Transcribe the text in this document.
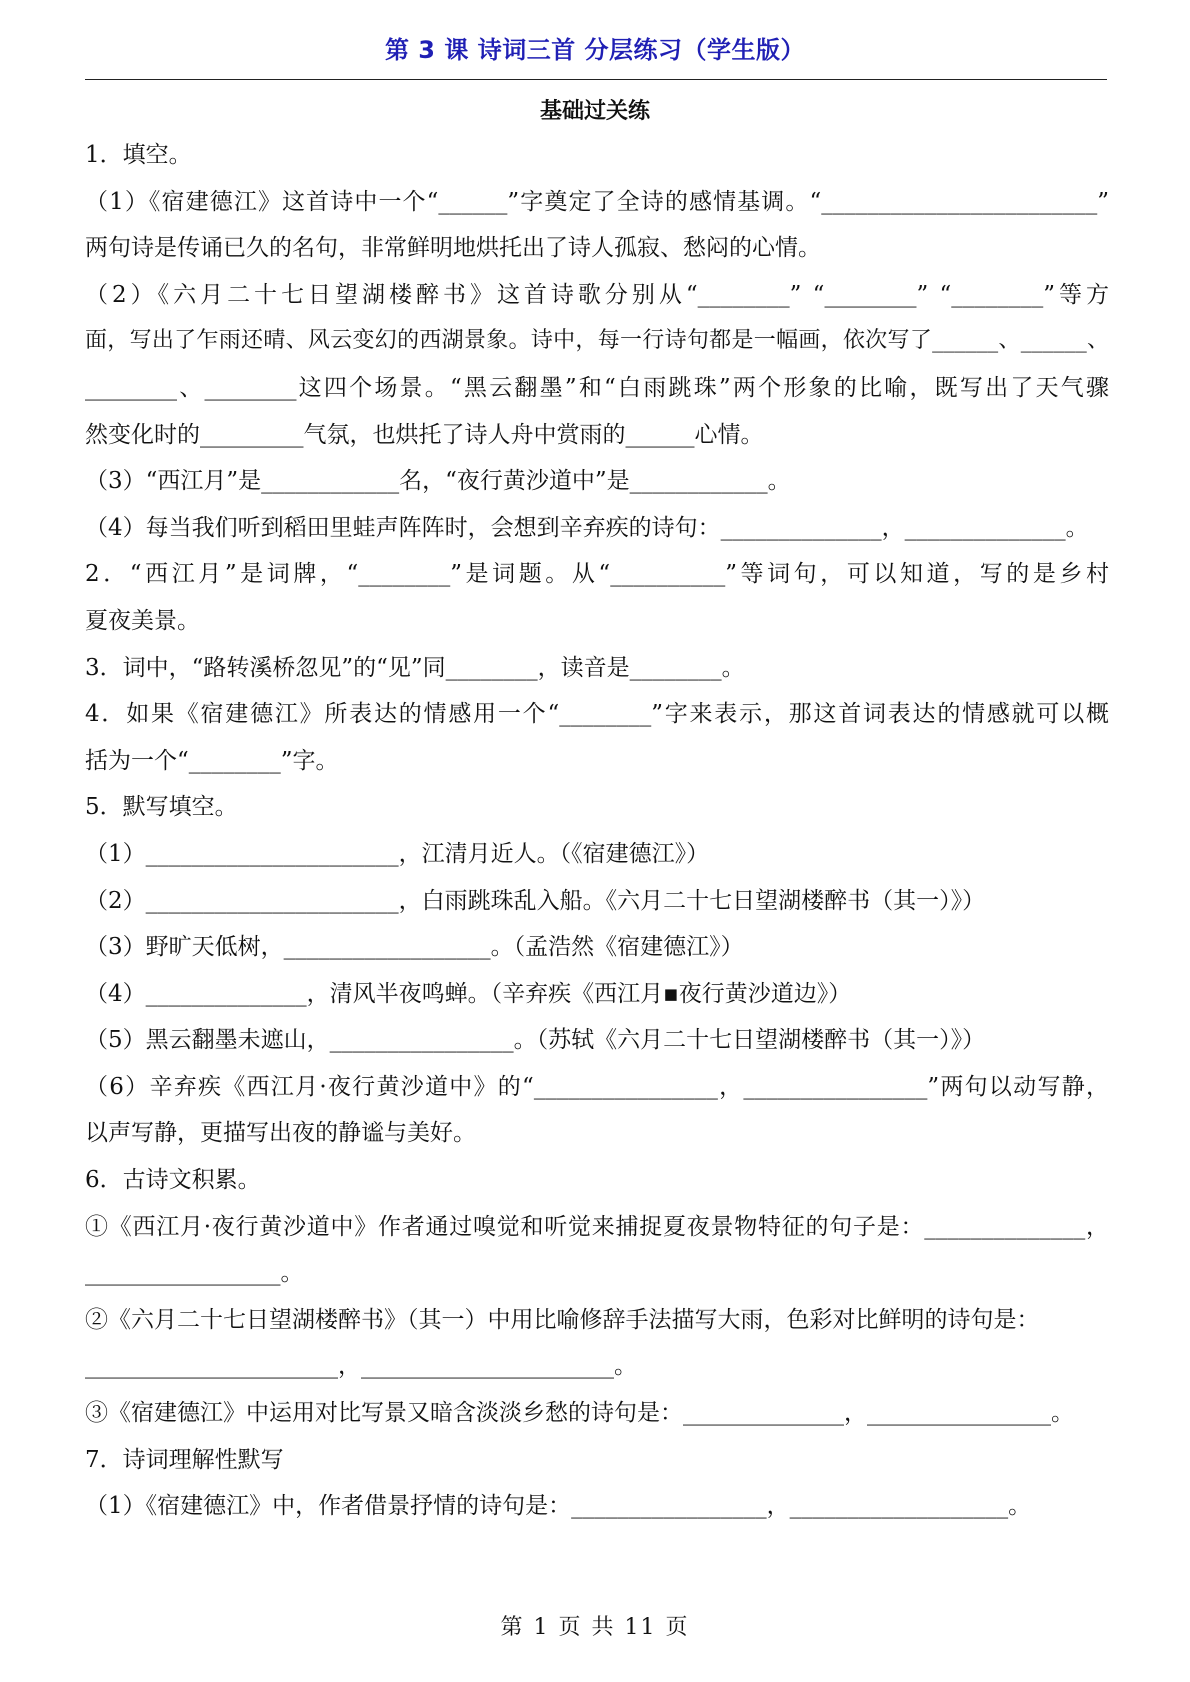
第 3 课 诗词三首 分层练习（学生版）
基础过关练
1．填空。
（1）《宿建德江》这首诗中一个“______”字奠定了全诗的感情基调。“________________________”
两句诗是传诵已久的名句，非常鲜明地烘托出了诗人孤寂、愁闷的心情。
（2）《六月二十七日望湖楼醉书》这首诗歌分别从“________” “________” “________”等方
面，写出了乍雨还晴、风云变幻的西湖景象。诗中，每一行诗句都是一幅画，依次写了______、______、
________、________这四个场景。“黑云翻墨”和“白雨跳珠”两个形象的比喻，既写出了天气骤
然变化时的_________气氛，也烘托了诗人舟中赏雨的______心情。
（3）“西江月”是____________名，“夜行黄沙道中”是____________。
（4）每当我们听到稻田里蛙声阵阵时，会想到辛弃疾的诗句：______________，______________。
2．“西江月”是词牌，“________”是词题。从“__________”等词句，可以知道，写的是乡村
夏夜美景。
3．词中，“路转溪桥忽见”的“见”同________，读音是________。
4．如果《宿建德江》所表达的情感用一个“________”字来表示，那这首词表达的情感就可以概
括为一个“________”字。
5．默写填空。
（1）______________________，江清月近人。（《宿建德江》）
（2）______________________，白雨跳珠乱入船。《六月二十七日望湖楼醉书（其一）》）
（3）野旷天低树，__________________。（孟浩然《宿建德江》）
（4）______________，清风半夜鸣蝉。（辛弃疾《西江月▪夜行黄沙道边》）
（5）黑云翻墨未遮山，________________。（苏轼《六月二十七日望湖楼醉书（其一）》）
（6）辛弃疾《西江月·夜行黄沙道中》的“________________，________________”两句以动写静，
以声写静，更描写出夜的静谧与美好。
6．古诗文积累。
①《西江月·夜行黄沙道中》作者通过嗅觉和听觉来捕捉夏夜景物特征的句子是：______________，
_________________。
②《六月二十七日望湖楼醉书》（其一）中用比喻修辞手法描写大雨，色彩对比鲜明的诗句是：
______________________，______________________。
③《宿建德江》中运用对比写景又暗含淡淡乡愁的诗句是：______________，________________。
7．诗词理解性默写
（1）《宿建德江》中，作者借景抒情的诗句是：_________________，___________________。
第 1 页 共 11 页
